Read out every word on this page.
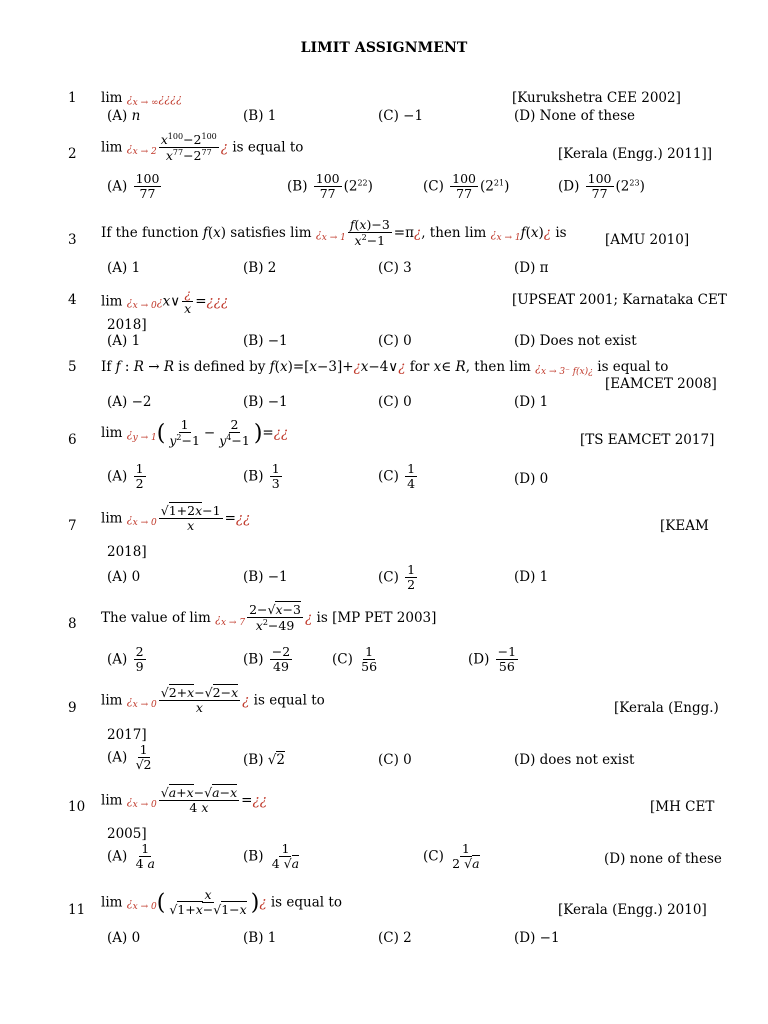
LIMIT ASSIGNMENT
1 $\lim ¿_{x \to \infty}¿¿¿¿$	[Kurukshetra CEE 2002]
(A) n	(B) 1	(C) −1	(D) None of these
2 $\lim ¿_{x \to 2} \frac{x^{100}-2^{100}}{x^{77}-2^{77}}$ ¿ is equal to	[Kerala (Engg.) 2011]]
$(A) \frac{100}{77}$	$(B) \frac{100}{77} (2^{22})$	$(C) \frac{100}{77} (2^{21})$	$(D) \frac{100}{77} (2^{23})$
3 If the function f(x) satisfies $\lim ¿_{x \to 1} \frac{f(x)-3}{x^2-1}$ =π¿, then $\lim ¿_{x \to 1}f(x)¿$ is	[AMU 2010]
(A) 1	(B) 2	(C) 3	(D) π
4 $\lim ¿_{x \to 0}¿x\vee \frac{¿}{x}$ =¿¿¿	[UPSEAT 2001; Karnataka CET
2018]
(A) 1	(B) −1	(C) 0	(D) Does not exist
5 If f : R → R is defined by f(x)=[x−3]+¿x−4∨¿ for x∈ R, then $\lim ¿_{x \to 3^- f(x)¿}$ is equal to
[EAMCET 2008]
(A) −2	(B) −1	(C) 0	(D) 1
6 $\lim ¿_{y \to 1}( \frac{1}{y^2-1} - \frac{2}{y^4-1}$ )=¿¿	[TS EAMCET 2017]
$(A) \frac{1}{2}$	$(B) \frac{1}{3}$	$(C) \frac{1}{4}$	(D) 0
7 $\lim ¿_{x \to 0} \frac{√1+2x-1}{x}$ =¿¿	[KEAM
2018]
(A) 0	(B) −1	$(C) \frac{1}{2}$	(D) 1
8 The value of $\lim ¿_{x \to 7} \frac{2-√x-3}{x^2-49}$ ¿ is [MP PET 2003]
$(A) \frac{2}{9}$	$(B) \frac{-2}{49}$	$(C) \frac{1}{56}$	$(D) \frac{-1}{56}$
9 $\lim ¿_{x \to 0} \frac{√2+x-√2-x}{x}$ ¿ is equal to	[Kerala (Engg.)
2017]
$(A) \frac{1}{√2}$	(B) √2	(C) 0	(D) does not exist
10 $\lim ¿_{x \to 0} \frac{√a+x-√a-x}{4 x}$ =¿¿	[MH CET
2005]
$(A) \frac{1}{4 a}$	$(B) \frac{1}{4 √a}$	$(C) \frac{1}{2 √a}$	(D) none of these
11 $\lim ¿_{x \to 0}( \frac{x}{√1+x-√1-x}$ )¿ is equal to	[Kerala (Engg.) 2010]
(A) 0	(B) 1	(C) 2	(D) −1
